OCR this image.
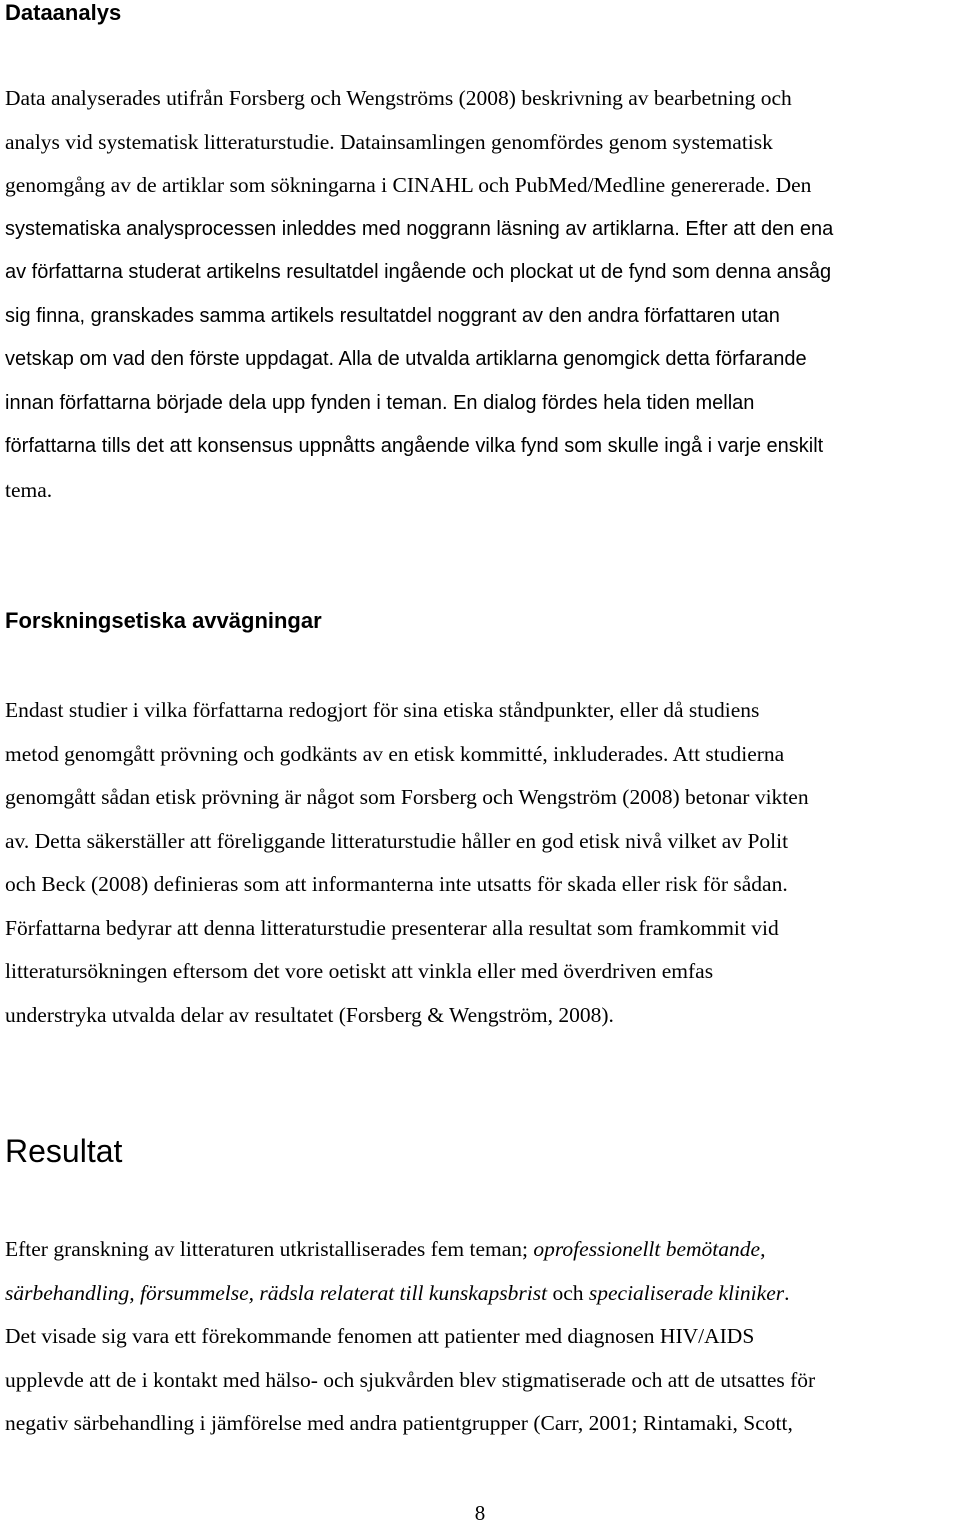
Dataanalys
Data analyserades utifrån Forsberg och Wengströms (2008) beskrivning av bearbetning och
analys vid systematisk litteraturstudie. Datainsamlingen genomfördes genom systematisk
genomgång av de artiklar som sökningarna i CINAHL och PubMed/Medline genererade. Den
systematiska analysprocessen inleddes med noggrann läsning av artiklarna. Efter att den ena
av författarna studerat artikelns resultatdel ingående och plockat ut de fynd som denna ansåg
sig finna, granskades samma artikels resultatdel noggrant av den andra författaren utan
vetskap om vad den förste uppdagat. Alla de utvalda artiklarna genomgick detta förfarande
innan författarna började dela upp fynden i teman. En dialog fördes hela tiden mellan
författarna tills det att konsensus uppnåtts angående vilka fynd som skulle ingå i varje enskilt
tema.
Forskningsetiska avvägningar
Endast studier i vilka författarna redogjort för sina etiska ståndpunkter, eller då studiens
metod genomgått prövning och godkänts av en etisk kommitté, inkluderades. Att studierna
genomgått sådan etisk prövning är något som Forsberg och Wengström (2008) betonar vikten
av. Detta säkerställer att föreliggande litteraturstudie håller en god etisk nivå vilket av Polit
och Beck (2008) definieras som att informanterna inte utsatts för skada eller risk för sådan.
Författarna bedyrar att denna litteraturstudie presenterar alla resultat som framkommit vid
litteratursökningen eftersom det vore oetiskt att vinkla eller med överdriven emfas
understryka utvalda delar av resultatet (Forsberg & Wengström, 2008).
Resultat
Efter granskning av litteraturen utkristalliserades fem teman; oprofessionellt bemötande,
särbehandling, försummelse, rädsla relaterat till kunskapsbrist och specialiserade kliniker.
Det visade sig vara ett förekommande fenomen att patienter med diagnosen HIV/AIDS
upplevde att de i kontakt med hälso- och sjukvården blev stigmatiserade och att de utsattes för
negativ särbehandling i jämförelse med andra patientgrupper (Carr, 2001; Rintamaki, Scott,

8
